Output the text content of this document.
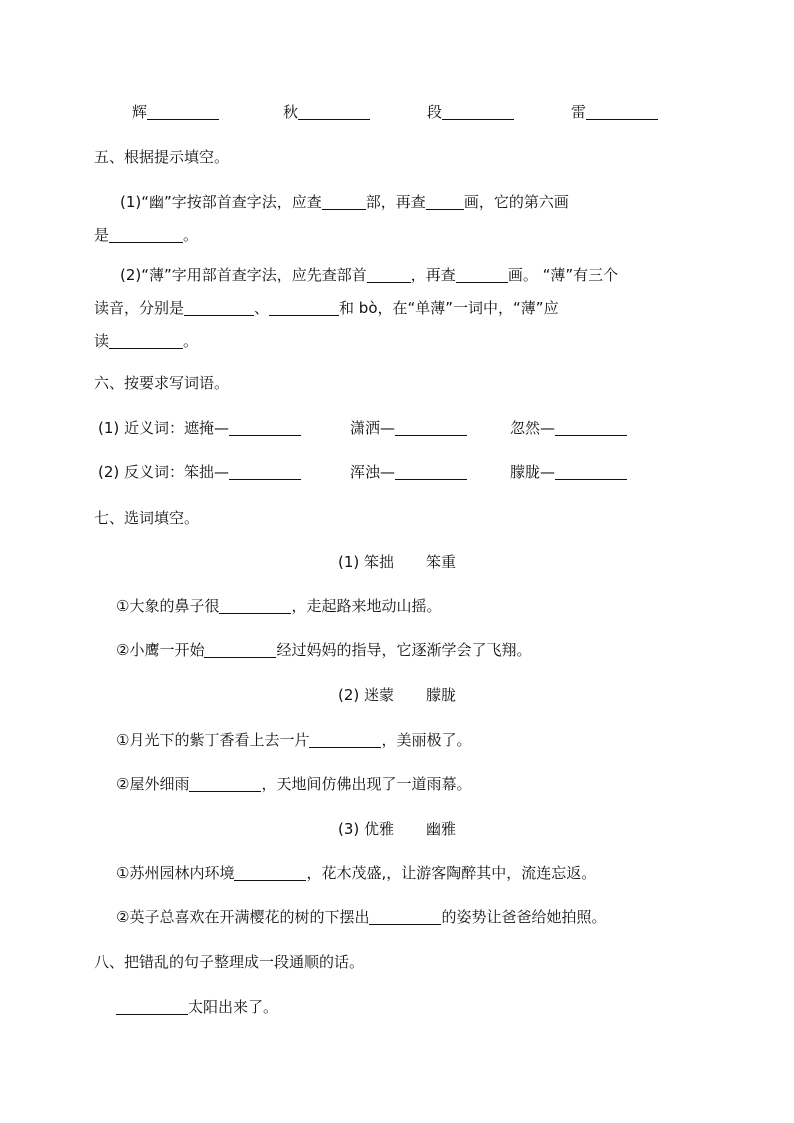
辉	秋	段	雷
五、根据提示填空。
(1)“幽”字按部首查字法，应查	部，再查	画，它的第六画
是	。
(2)“薄”字用部首查字法，应先查部首	，再查	画。 “薄”有三个
读音，分别是	、	和 bò，在“单薄”一词中，“薄”应
读	。
六、按要求写词语。
(1) 近义词：遮掩—	潇洒—	忽然—
(2) 反义词：笨拙—	浑浊—	朦胧—
七、选词填空。
(1) 笨拙 笨重
①大象的鼻子很	，走起路来地动山摇。
②小鹰一开始	经过妈妈的指导，它逐渐学会了飞翔。
(2) 迷蒙 朦胧
①月光下的紫丁香看上去一片	，美丽极了。
②屋外细雨	，天地间仿佛出现了一道雨幕。
(3) 优雅 幽雅
①苏州园林内环境	，花木茂盛,，让游客陶醉其中，流连忘返。
②英子总喜欢在开满樱花的树的下摆出	的姿势让爸爸给她拍照。
八、把错乱的句子整理成一段通顺的话。
太阳出来了。
